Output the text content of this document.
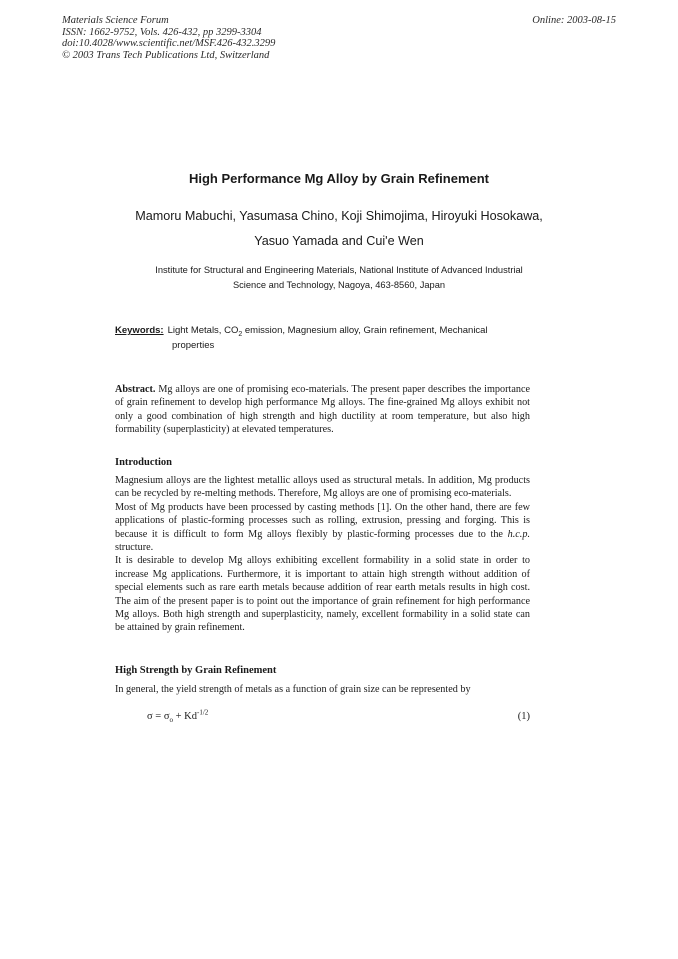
Materials Science Forum
ISSN: 1662-9752, Vols. 426-432, pp 3299-3304
doi:10.4028/www.scientific.net/MSF.426-432.3299
© 2003 Trans Tech Publications Ltd, Switzerland
Online: 2003-08-15
High Performance Mg Alloy by Grain Refinement
Mamoru Mabuchi, Yasumasa Chino, Koji Shimojima, Hiroyuki Hosokawa,
Yasuo Yamada and Cui'e Wen
Institute for Structural and Engineering Materials, National Institute of Advanced Industrial
Science and Technology, Nagoya, 463-8560, Japan
Keywords: Light Metals, $CO_2$ emission, Magnesium alloy, Grain refinement, Mechanical
properties
Abstract. Mg alloys are one of promising eco-materials. The present paper describes the importance of grain refinement to develop high performance Mg alloys. The fine-grained Mg alloys exhibit not only a good combination of high strength and high ductility at room temperature, but also high formability (superplasticity) at elevated temperatures.
Introduction

Magnesium alloys are the lightest metallic alloys used as structural metals. In addition, Mg products can be recycled by re-melting methods. Therefore, Mg alloys are one of promising eco-materials.

Most of Mg products have been processed by casting methods [1]. On the other hand, there are few applications of plastic-forming processes such as rolling, extrusion, pressing and forging. This is because it is difficult to form Mg alloys flexibly by plastic-forming processes due to the h.c.p. structure.

It is desirable to develop Mg alloys exhibiting excellent formability in a solid state in order to increase Mg applications. Furthermore, it is important to attain high strength without addition of special elements such as rare earth metals because addition of rear earth metals results in high cost. The aim of the present paper is to point out the importance of grain refinement for high performance Mg alloys. Both high strength and superplasticity, namely, excellent formability in a solid state can be attained by grain refinement.

High Strength by Grain Refinement
In general, the yield strength of metals as a function of grain size can be represented by
$\sigma = \sigma_o + Kd^{-1/2}$	(1)
